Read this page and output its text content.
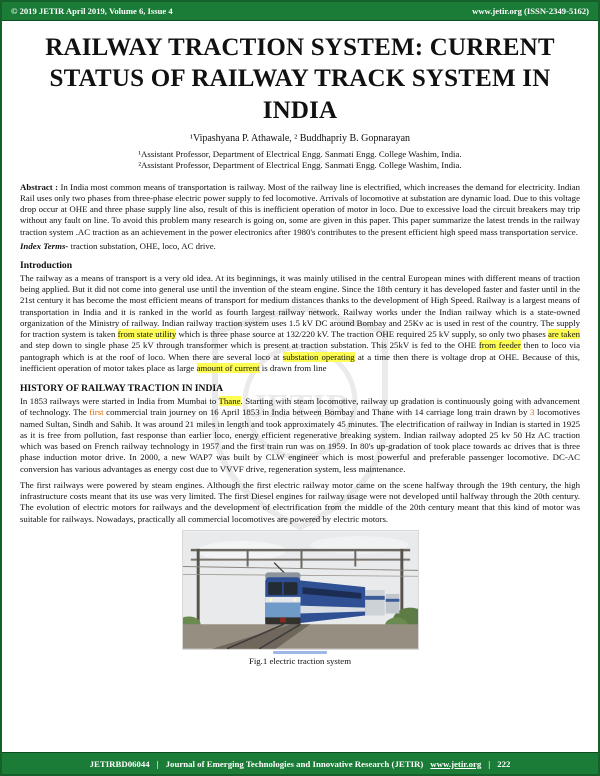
© 2019 JETIR April 2019, Volume 6, Issue 4	www.jetir.org (ISSN-2349-5162)
JETIR
RAILWAY TRACTION SYSTEM: CURRENT STATUS OF RAILWAY TRACK SYSTEM IN INDIA
¹Vipashyana P. Athawale, ² Buddhapriy B. Gopnarayan
¹Assistant Professor, Department of Electrical Engg. Sanmati Engg. College Washim, India.
²Assistant Professor, Department of Electrical Engg. Sanmati Engg. College Washim, India.

Abstract : In India most common means of transportation is railway. Most of the railway line is electrified, which increases the demand for electricity. Indian Rail uses only two phases from three-phase electric power supply to fed locomotive. Arrivals of locomotive at substation are dynamic load. Due to this voltage drop occur at OHE and three phase supply line also, result of this is inefficient operation of motor in loco. Due to excessive load the circuit breakers may trip without any fault on line. To avoid this problem many research is going on, some are given in this paper. This paper summarize the latest trends in the railway traction system .AC traction as an achievement in the power electronics after 1980's contributes to the present efficient high speed mass transportation service.

Index Terms- traction substation, OHE, loco, AC drive.

Introduction

The railway as a means of transport is a very old idea. At its beginnings, it was mainly utilised in the central European mines with different means of traction being applied. But it did not come into general use until the invention of the steam engine. Since the 18th century it has developed faster and faster until in the 21st century it has become the most efficient means of transport for medium distances thanks to the development of High Speed. Railway is a largest means of transportation in India and it is ranked in the world as fourth largest railway network. Railway works under the Indian railway which is a state-owned organization of the Ministry of railway. Indian railway traction system uses 1.5 kV DC around Bombay and 25Kv ac is used in rest of the country. The supply for traction system is taken from state utility which is three phase source at 132/220 kV. The traction OHE required 25 kV supply, so only two phases are taken and step down to single phase 25 kV through transformer which is present at traction substation. This 25kV is fed to the OHE from feeder then to loco via pantograph which is at the roof of loco. When there are several loco at substation operating at a time then there is voltage drop at OHE. Because of this, inefficient operation of motor takes place as large amount of current is drawn from line

HISTORY OF RAILWAY TRACTION IN INDIA

In 1853 railways were started in India from Mumbai to Thane. Starting with steam locomotive, railway up gradation is continuously going with advancement of technology. The first commercial train journey on 16 April 1853 in India between Bombay and Thane with 14 carriage long train drawn by 3 locomotives named Sultan, Sindh and Sahib. It was around 21 miles in length and took approximately 45 minutes. The electrification of railway in Indian is started in 1925 as it is free from pollution, fast response than earlier loco, energy efficient regenerative breaking system. Indian railway adopted 25 kv 50 Hz AC traction which was based on French railway technology in 1957 and the first train run was on 1959. In 80's up-gradation of took place towards ac drives that is three phase induction motor drive. In 2000, a new WAP7 was built by CLW engineer which is most powerful and preferable passenger locomotive. DC-AC conversion has various advantages as energy cost due to VVVF drive, regeneration system, less maintenance.

The first railways were powered by steam engines. Although the first electric railway motor came on the scene halfway through the 19th century, the high infrastructure costs meant that its use was very limited. The first Diesel engines for railway usage were not developed until halfway through the 20th century. The evolution of electric motors for railways and the development of electrification from the middle of the 20th century meant that this kind of motor was suitable for railways. Nowadays, practically all commercial locomotives are powered by electric motors.

Fig.1 electric traction system
JETIRBD06044 | Journal of Emerging Technologies and Innovative Research (JETIR) www.jetir.org | 222
